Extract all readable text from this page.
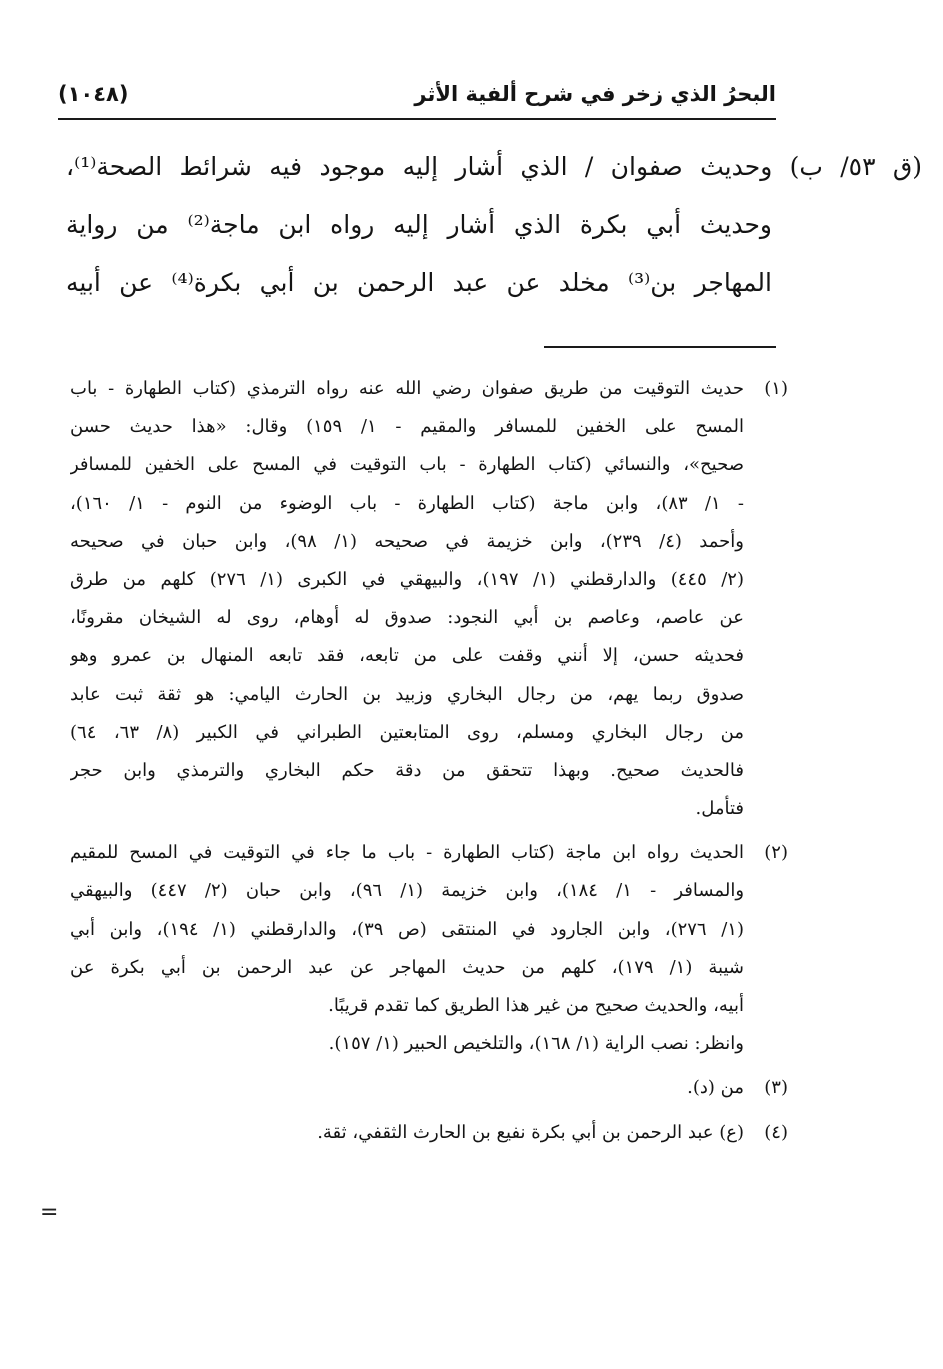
البحرُ الذي زخر في شرح ألفية الأثر
(١٠٤٨)
(ق ٥٣/ ب) وحديث صفوان / الذي أشار إليه موجود فيه شرائط الصحة⁽¹⁾،
وحديث أبي بكرة الذي أشار إليه رواه ابن ماجة⁽²⁾ من رواية
المهاجر بن⁽³⁾ مخلد عن عبد الرحمن بن أبي بكرة⁽⁴⁾ عن أبيه
(١)
حديث التوقيت من طريق صفوان رضي الله عنه رواه الترمذي (كتاب الطهارة - باب
المسح على الخفين للمسافر والمقيم - ١/ ١٥٩) وقال: «هذا حديث حسن
صحيح»، والنسائي (كتاب الطهارة - باب التوقيت في المسح على الخفين للمسافر
- ١/ ٨٣)، وابن ماجة (كتاب الطهارة - باب الوضوء من النوم - ١/ ١٦٠)،
وأحمد (٤/ ٢٣٩)، وابن خزيمة في صحيحه (١/ ٩٨)، وابن حبان في صحيحه
(٢/ ٤٤٥) والدارقطني (١/ ١٩٧)، والبيهقي في الكبرى (١/ ٢٧٦) كلهم من طرق
عن عاصم، وعاصم بن أبي النجود: صدوق له أوهام، روى له الشيخان مقرونًا،
فحديثه حسن، إلا أنني وقفت على من تابعه، فقد تابعه المنهال بن عمرو وهو
صدوق ربما يهم، من رجال البخاري وزبيد بن الحارث اليامي: هو ثقة ثبت عابد
من رجال البخاري ومسلم، روى المتابعتين الطبراني في الكبير (٨/ ٦٣، ٦٤)
فالحديث صحيح. وبهذا تتحقق من دقة حكم البخاري والترمذي وابن حجر
فتأمل.
(٢)
الحديث رواه ابن ماجة (كتاب الطهارة - باب ما جاء في التوقيت في المسح للمقيم
والمسافر - ١/ ١٨٤)، وابن خزيمة (١/ ٩٦)، وابن حبان (٢/ ٤٤٧) والبيهقي
(١/ ٢٧٦)، وابن الجارود في المنتقى (ص ٣٩)، والدارقطني (١/ ١٩٤)، وابن أبي
شيبة (١/ ١٧٩)، كلهم من حديث المهاجر عن عبد الرحمن بن أبي بكرة عن
أبيه، والحديث صحيح من غير هذا الطريق كما تقدم قريبًا.
وانظر: نصب الراية (١/ ١٦٨)، والتلخيص الحبير (١/ ١٥٧).
(٣)
من (د).
(٤)
(ع) عبد الرحمن بن أبي بكرة نفيع بن الحارث الثقفي، ثقة.
=
